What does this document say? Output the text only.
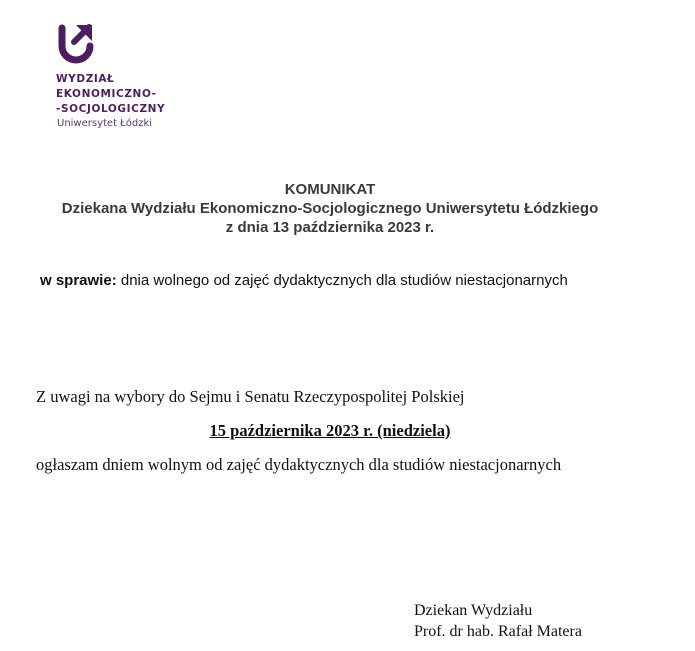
WYDZIAŁ
EKONOMICZNO-
-SOCJOLOGICZNY
Uniwersytet Łódzki
KOMUNIKAT
Dziekana Wydziału Ekonomiczno-Socjologicznego Uniwersytetu Łódzkiego
z dnia 13 października 2023 r.
w sprawie: dnia wolnego od zajęć dydaktycznych dla studiów niestacjonarnych
Z uwagi na wybory do Sejmu i Senatu Rzeczypospolitej Polskiej
15 października 2023 r. (niedziela)
ogłaszam dniem wolnym od zajęć dydaktycznych dla studiów niestacjonarnych
Dziekan Wydziału
Prof. dr hab. Rafał Matera
